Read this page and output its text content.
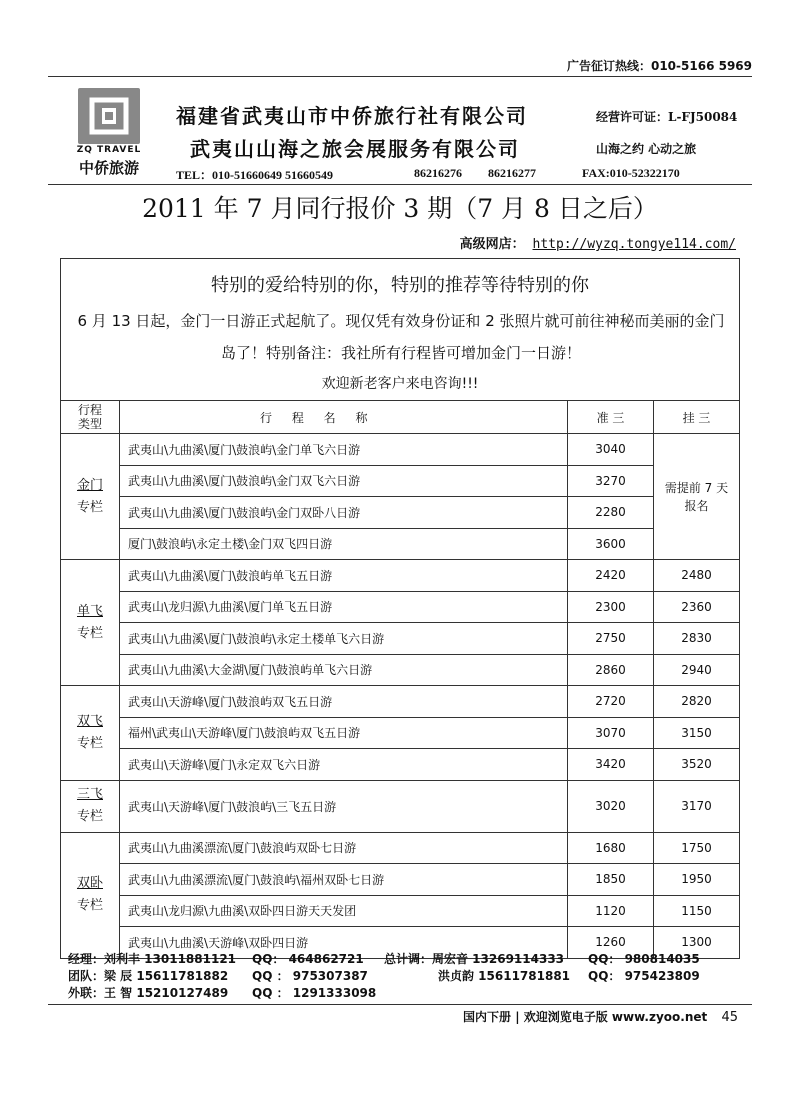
广告征订热线：010-5166 5969
ZQ TRAVEL
中侨旅游
福建省武夷山市中侨旅行社有限公司
武夷山山海之旅会展服务有限公司
经营许可证：L-FJ50084
山海之约 心动之旅
TEL：010-51660649 51660549	86216276 86216277	FAX:010-52322170
2011 年 7 月同行报价 3 期（7 月 8 日之后）
高级网店： http://wyzq.tongye114.com/
特别的爱给特别的你，特别的推荐等待特别的你
6 月 13 日起，金门一日游正式起航了。现仅凭有效身份证和 2 张照片就可前往神秘而美丽的金门岛了！特别备注：我社所有行程皆可增加金门一日游！
欢迎新老客户来电咨询!!!
行程
类型	行 程 名 称	准 三	挂 三
金门
专栏	武夷山\九曲溪\厦门\鼓浪屿\金门单飞六日游	3040	需提前 7 天报名

	武夷山\九曲溪\厦门\鼓浪屿\金门双飞六日游	3270	
	武夷山\九曲溪\厦门\鼓浪屿\金门双卧八日游	2280	
	厦门\鼓浪屿\永定土楼\金门双飞四日游	3600	
单飞
专栏	武夷山\九曲溪\厦门\鼓浪屿单飞五日游	2420	2480
	武夷山\龙归源\九曲溪\厦门单飞五日游	2300	2360
	武夷山\九曲溪\厦门\鼓浪屿\永定土楼单飞六日游	2750	2830
	武夷山\九曲溪\大金湖\厦门\鼓浪屿单飞六日游	2860	2940
双飞
专栏	武夷山\天游峰\厦门\鼓浪屿双飞五日游	2720	2820
	福州\武夷山\天游峰\厦门\鼓浪屿双飞五日游	3070	3150
	武夷山\天游峰\厦门\永定双飞六日游	3420	3520
三飞
专栏	武夷山\天游峰\厦门\鼓浪屿\三飞五日游	3020	3170
双卧
专栏	武夷山\九曲溪漂流\厦门\鼓浪屿双卧七日游	1680	1750
	武夷山\九曲溪漂流\厦门\鼓浪屿\福州双卧七日游	1850	1950
	武夷山\龙归源\九曲溪\双卧四日游天天发团	1120	1150
	武夷山\九曲溪\天游峰\双卧四日游	1260	1300
经理：刘利丰 13011881121 QQ： 464862721 总计调：周宏音 13269114333 QQ： 980814035
团队：梁 辰 15611781882 QQ ： 975307387	洪贞韵 15611781881 QQ： 975423809
外联：王 智 15210127489 QQ ： 1291333098
国内下册 | 欢迎浏览电子版 www.zyoo.net 45
